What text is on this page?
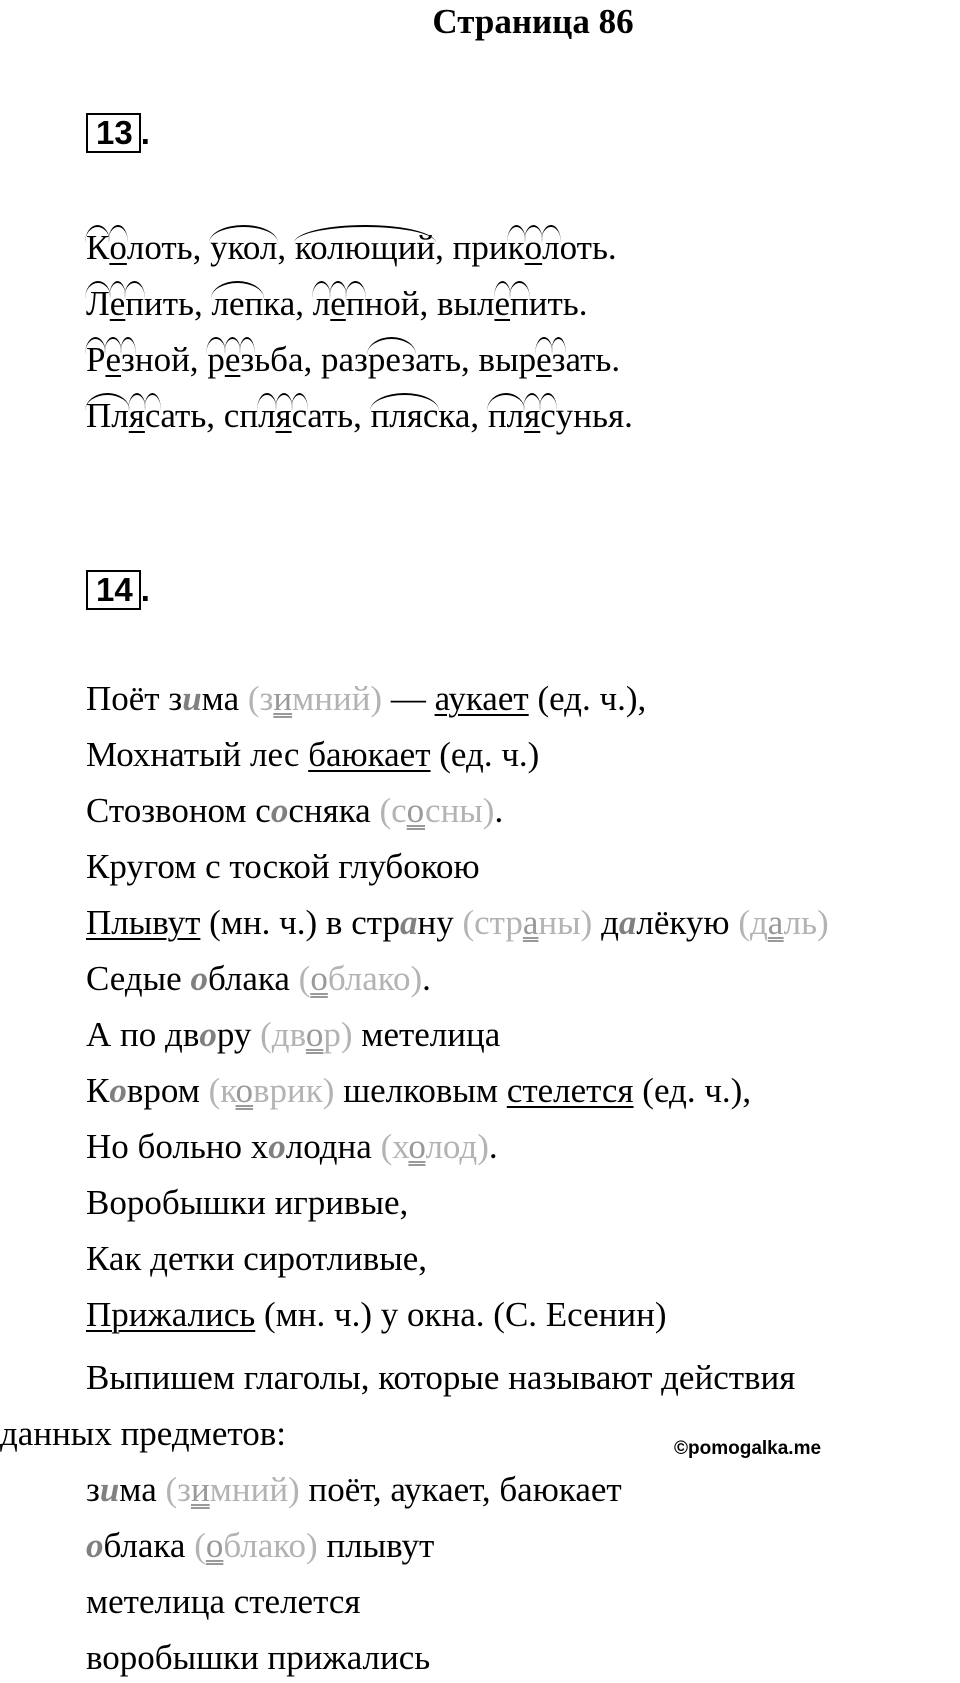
Страница 86
13 .
Колоть, укол, колющий, приколоть.
Лепить, лепка, лепной, вылепить.
Резной, резьба, разрезать, вырезать.
Плясать, сплясать, пляска, плясунья.
14 .
Поёт зима (зимний) — аукает (ед. ч.),
Мохнатый лес баюкает (ед. ч.)
Стозвоном сосняка (сосны).
Кругом с тоской глубокою
Плывут (мн. ч.) в страну (страны) далёкую (даль)
Седые облака (облако).
А по двору (двор) метелица
Ковром (коврик) шелковым стелется (ед. ч.),
Но больно холодна (холод).
Воробышки игривые,
Как детки сиротливые,
Прижались (мн. ч.) у окна. (С. Есенин)
Выпишем глаголы, которые называют действия
данных предметов:
зима (зимний) поёт, аукает, баюкает
облака (облако) плывут
метелица стелется
воробышки прижались
©pomogalka.me
